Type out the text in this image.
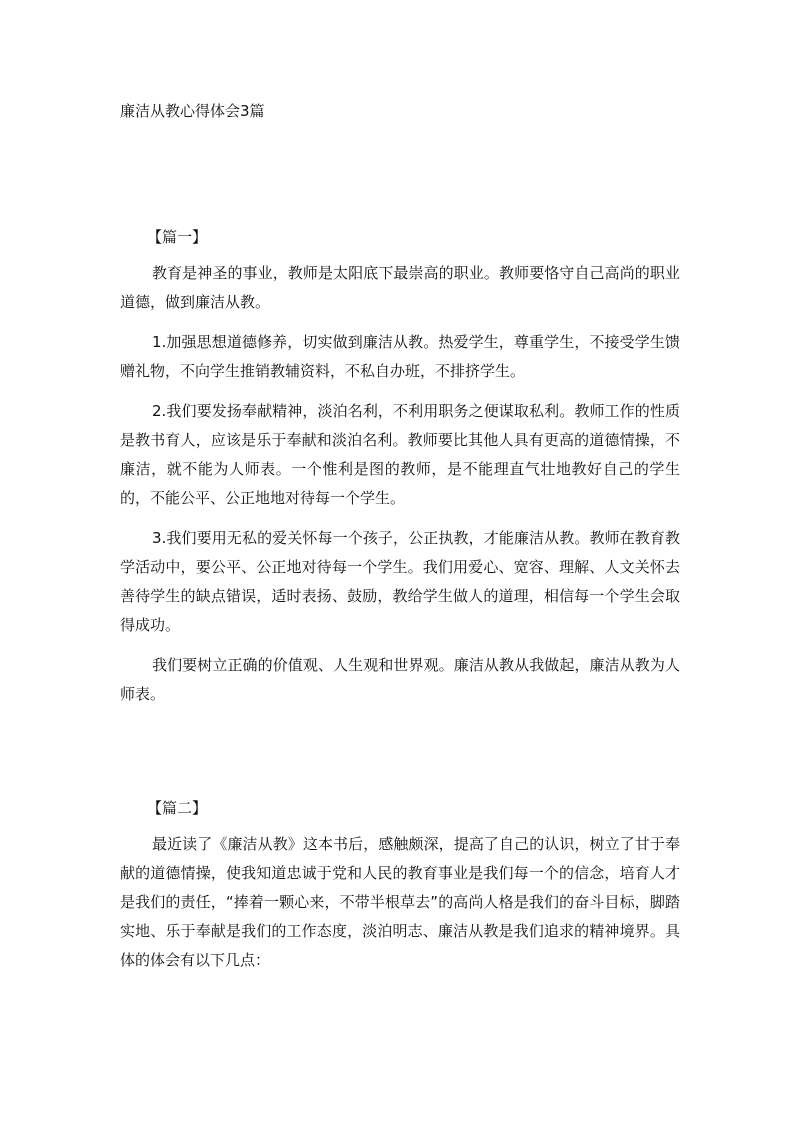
廉洁从教心得体会3篇
【篇一】

教育是神圣的事业，教师是太阳底下最崇高的职业。教师要恪守自己高尚的职业道德，做到廉洁从教。

1.加强思想道德修养，切实做到廉洁从教。热爱学生，尊重学生，不接受学生馈赠礼物，不向学生推销教辅资料，不私自办班，不排挤学生。

2.我们要发扬奉献精神，淡泊名利，不利用职务之便谋取私利。教师工作的性质是教书育人，应该是乐于奉献和淡泊名利。教师要比其他人具有更高的道德情操，不廉洁，就不能为人师表。一个惟利是图的教师，是不能理直气壮地教好自己的学生的，不能公平、公正地地对待每一个学生。

3.我们要用无私的爱关怀每一个孩子，公正执教，才能廉洁从教。教师在教育教学活动中，要公平、公正地对待每一个学生。我们用爱心、宽容、理解、人文关怀去善待学生的缺点错误，适时表扬、鼓励，教给学生做人的道理，相信每一个学生会取得成功。

我们要树立正确的价值观、人生观和世界观。廉洁从教从我做起，廉洁从教为人师表。

【篇二】

最近读了《廉洁从教》这本书后，感触颇深，提高了自己的认识，树立了甘于奉献的道德情操，使我知道忠诚于党和人民的教育事业是我们每一个的信念，培育人才是我们的责任，“捧着一颗心来，不带半根草去”的高尚人格是我们的奋斗目标，脚踏实地、乐于奉献是我们的工作态度，淡泊明志、廉洁从教是我们追求的精神境界。具体的体会有以下几点：
